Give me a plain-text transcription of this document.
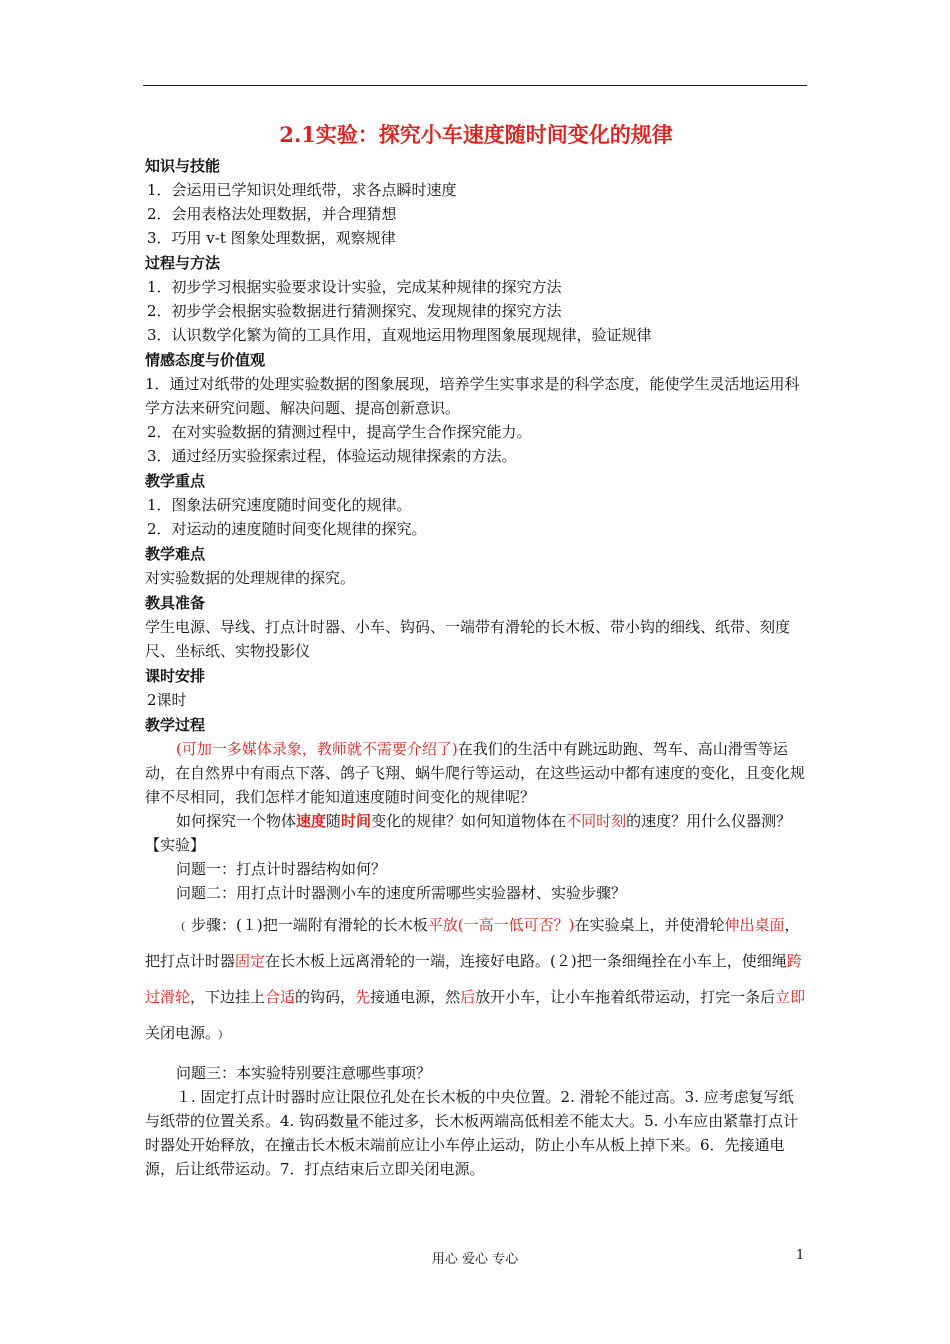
2.1实验：探究小车速度随时间变化的规律
知识与技能
1．会运用已学知识处理纸带，求各点瞬时速度
2．会用表格法处理数据，并合理猜想
3．巧用 v-t 图象处理数据，观察规律
过程与方法
1．初步学习根据实验要求设计实验，完成某种规律的探究方法
2．初步学会根据实验数据进行猜测探究、发现规律的探究方法
3．认识数学化繁为简的工具作用，直观地运用物理图象展现规律，验证规律
情感态度与价值观
1．通过对纸带的处理实验数据的图象展现，培养学生实事求是的科学态度，能使学生灵活地运用科学方法来研究问题、解决问题、提高创新意识。
2．在对实验数据的猜测过程中，提高学生合作探究能力。
3．通过经历实验探索过程，体验运动规律探索的方法。
教学重点
1．图象法研究速度随时间变化的规律。
2．对运动的速度随时间变化规律的探究。
教学难点
对实验数据的处理规律的探究。
教具准备
学生电源、导线、打点计时器、小车、钩码、一端带有滑轮的长木板、带小钩的细线、纸带、刻度尺、坐标纸、实物投影仪
课时安排
2课时
教学过程
(可加一多媒体录象，教师就不需要介绍了)在我们的生活中有跳远助跑、驾车、高山滑雪等运动，在自然界中有雨点下落、鸽子飞翔、蜗牛爬行等运动，在这些运动中都有速度的变化，且变化规律不尽相同，我们怎样才能知道速度随时间变化的规律呢？
如何探究一个物体速度随时间变化的规律？如何知道物体在不同时刻的速度？用什么仪器测？
【实验】
问题一：打点计时器结构如何？
问题二：用打点计时器测小车的速度所需哪些实验器材、实验步骤？
﹙步骤：(１)把一端附有滑轮的长木板平放(一高一低可否？)在实验桌上，并使滑轮伸出桌面，把打点计时器固定在长木板上远离滑轮的一端，连接好电路。(２)把一条细绳拴在小车上，使细绳跨过滑轮，下边挂上合适的钩码，先接通电源，然后放开小车，让小车拖着纸带运动，打完一条后立即关闭电源。﹚
问题三：本实验特别要注意哪些事项？
１. 固定打点计时器时应让限位孔处在长木板的中央位置。2. 滑轮不能过高。3. 应考虑复写纸与纸带的位置关系。4. 钩码数量不能过多，长木板两端高低相差不能太大。5. 小车应由紧靠打点计时器处开始释放，在撞击长木板末端前应让小车停止运动，防止小车从板上掉下来。6．先接通电源，后让纸带运动。7．打点结束后立即关闭电源。
用心 爱心 专心	1
